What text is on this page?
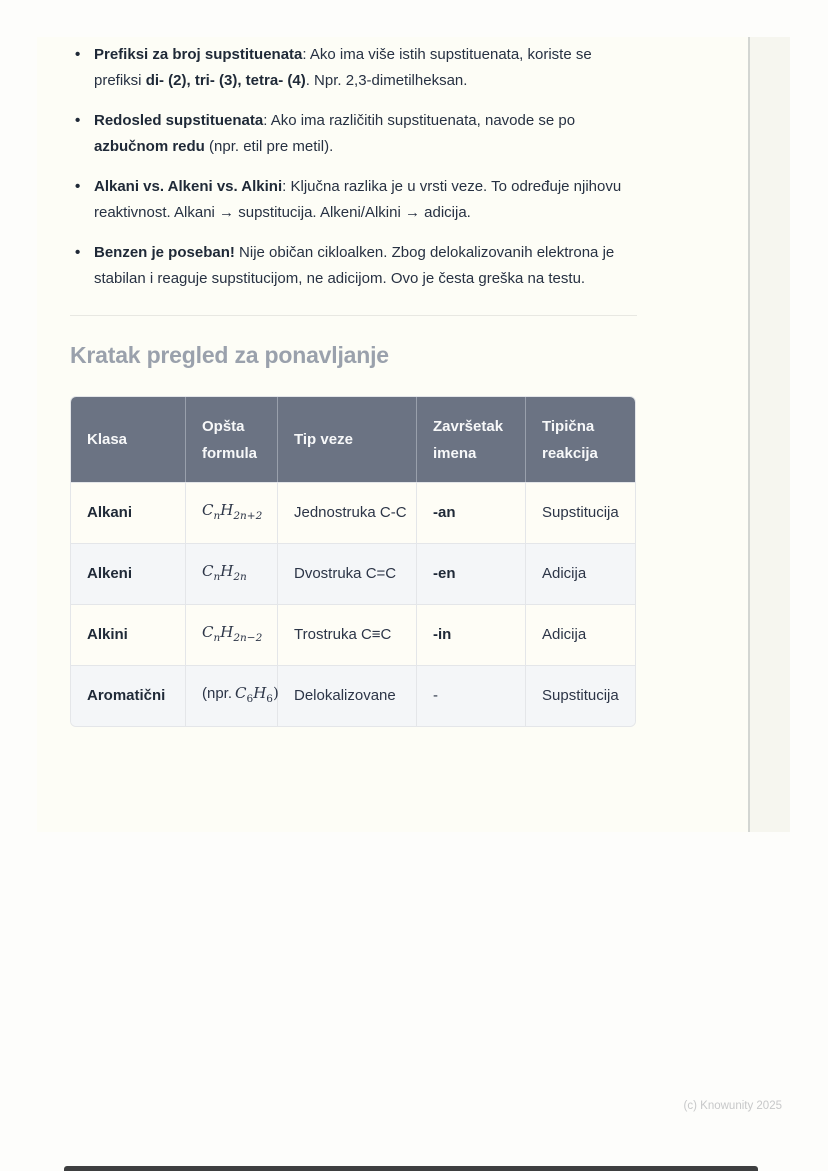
• Prefiksi za broj supstituenata: Ako ima više istih supstituenata, koriste se prefiksi di- (2), tri- (3), tetra- (4). Npr. 2,3-dimetilheksan.
• Redosled supstituenata: Ako ima različitih supstituenata, navode se po azbučnom redu (npr. etil pre metil).
• Alkani vs. Alkeni vs. Alkini: Ključna razlika je u vrsti veze. To određuje njihovu reaktivnost. Alkani → supstitucija. Alkeni/Alkini → adicija.
• Benzen je poseban! Nije običan cikloalken. Zbog delokalizovanih elektrona je stabilan i reaguje supstitucijom, ne adicijom. Ovo je česta greška na testu.
Kratak pregled za ponavljanje
Klasa	Opšta formula	Tip veze	Završetak imena	Tipična reakcija
Alkani	$C_nH_{2n+2}$	Jednostruka C-C	-an	Supstitucija
Alkeni	$C_nH_{2n}$	Dvostruka C=C	-en	Adicija
Alkini	$C_nH_{2n-2}$	Trostruka C≡C	-in	Adicija
Aromatični	(npr. $C_6H_6$)	Delokalizovane	-	Supstitucija
(c) Knowunity 2025
